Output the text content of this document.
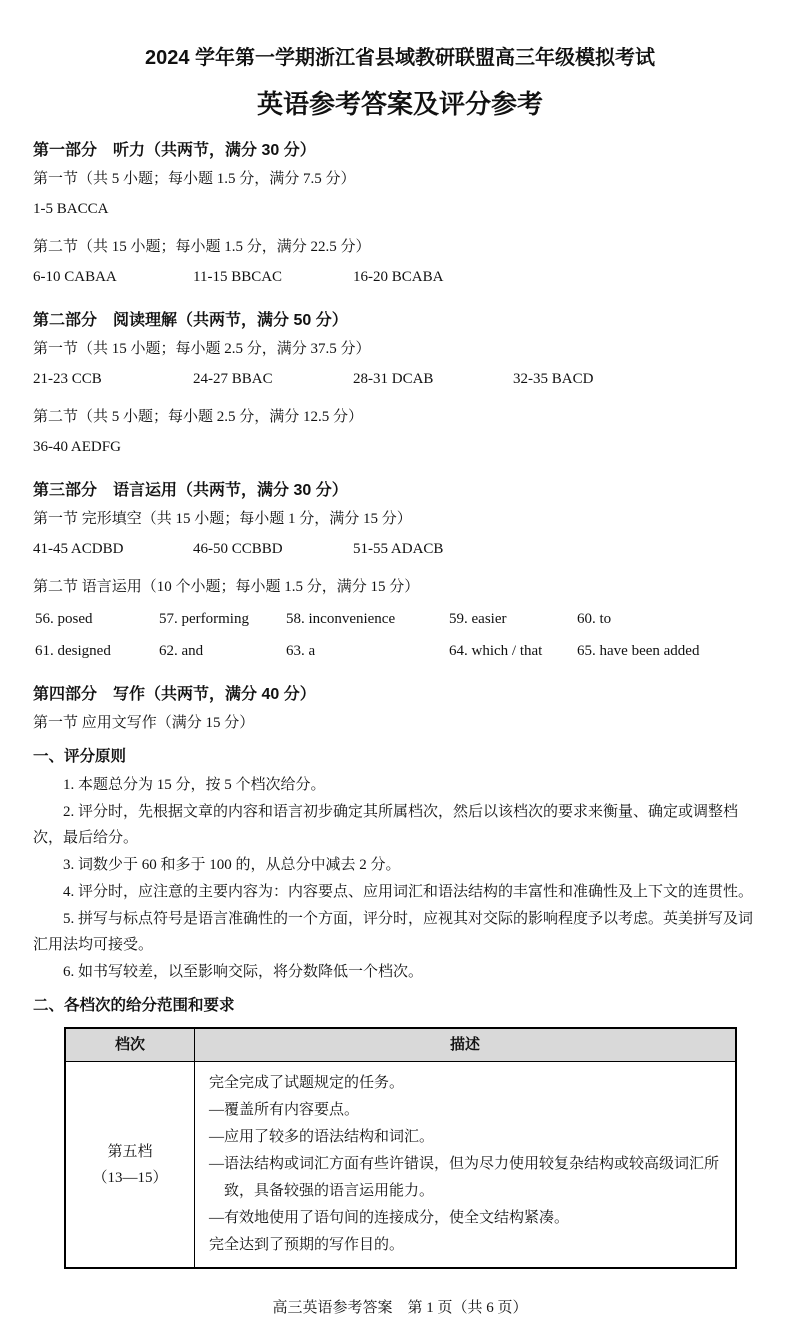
2024 学年第一学期浙江省县域教研联盟高三年级模拟考试
英语参考答案及评分参考

第一部分　听力（共两节，满分 30 分）

第一节（共 5 小题；每小题 1.5 分，满分 7.5 分）

1-5 BACCA

第二节（共 15 小题；每小题 1.5 分，满分 22.5 分）

6-10 CABAA	11-15 BBCAC	16-20 BCABA

第二部分　阅读理解（共两节，满分 50 分）

第一节（共 15 小题；每小题 2.5 分，满分 37.5 分）

21-23 CCB	24-27 BBAC	28-31 DCAB	32-35 BACD

第二节（共 5 小题；每小题 2.5 分，满分 12.5 分）

36-40 AEDFG

第三部分　语言运用（共两节，满分 30 分）

第一节 完形填空（共 15 小题；每小题 1 分，满分 15 分）

41-45 ACDBD	46-50 CCBBD	51-55 ADACB

第二节 语言运用（10 个小题；每小题 1.5 分，满分 15 分）

56. posed	57. performing	58. inconvenience	59. easier	60. to

61. designed	62. and	63. a	64. which / that	65. have been added

第四部分　写作（共两节，满分 40 分）

第一节 应用文写作（满分 15 分）

一、评分原则

1. 本题总分为 15 分，按 5 个档次给分。

2. 评分时，先根据文章的内容和语言初步确定其所属档次，然后以该档次的要求来衡量、确定或调整档次，最后给分。

3. 词数少于 60 和多于 100 的，从总分中减去 2 分。

4. 评分时，应注意的主要内容为：内容要点、应用词汇和语法结构的丰富性和准确性及上下文的连贯性。

5. 拼写与标点符号是语言准确性的一个方面，评分时，应视其对交际的影响程度予以考虑。英美拼写及词汇用法均可接受。

6. 如书写较差，以至影响交际，将分数降低一个档次。

二、各档次的给分范围和要求

档次	描述

第五档
（13—15）

完全完成了试题规定的任务。
—覆盖所有内容要点。
—应用了较多的语法结构和词汇。
—语法结构或词汇方面有些许错误，但为尽力使用较复杂结构或较高级词汇所致，具备较强的语言运用能力。
—有效地使用了语句间的连接成分，使全文结构紧凑。
完全达到了预期的写作目的。

高三英语参考答案　第 1 页（共 6 页）
